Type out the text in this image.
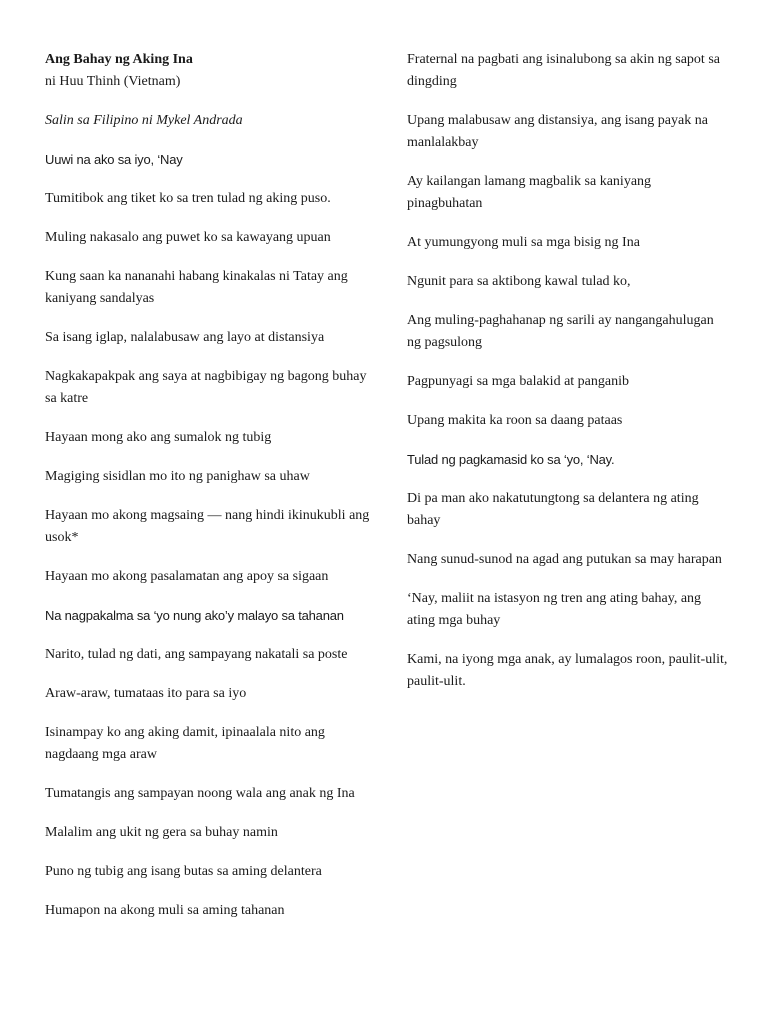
Ang Bahay ng Aking Ina

ni Huu Thinh (Vietnam)

Salin sa Filipino ni Mykel Andrada

Uuwi na ako sa iyo, ‘Nay

Tumitibok ang tiket ko sa tren tulad ng aking puso.

Muling nakasalo ang puwet ko sa kawayang upuan

Kung saan ka nananahi habang kinakalas ni Tatay ang kaniyang sandalyas

Sa isang iglap, nalalabusaw ang layo at distansiya

Nagkakapakpak ang saya at nagbibigay ng bagong buhay sa katre

Hayaan mong ako ang sumalok ng tubig

Magiging sisidlan mo ito ng panighaw sa uhaw

Hayaan mo akong magsaing — nang hindi ikinukubli ang usok*

Hayaan mo akong pasalamatan ang apoy sa sigaan

Na nagpakalma sa ‘yo nung ako’y malayo sa tahanan

Narito, tulad ng dati, ang sampayang nakatali sa poste

Araw-araw, tumataas ito para sa iyo

Isinampay ko ang aking damit, ipinaalala nito ang nagdaang mga araw

Tumatangis ang sampayan noong wala ang anak ng Ina

Malalim ang ukit ng gera sa buhay namin

Puno ng tubig ang isang butas sa aming delantera

Humapon na akong muli sa aming tahanan

Fraternal na pagbati ang isinalubong sa akin ng sapot sa dingding

Upang malabusaw ang distansiya, ang isang payak na manlalakbay

Ay kailangan lamang magbalik sa kaniyang pinagbuhatan

At yumungyong muli sa mga bisig ng Ina

Ngunit para sa aktibong kawal tulad ko,

Ang muling-paghahanap ng sarili ay nangangahulugan ng pagsulong

Pagpunyagi sa mga balakid at panganib

Upang makita ka roon sa daang pataas

Tulad ng pagkamasid ko sa ‘yo, ‘Nay.

Di pa man ako nakatutungtong sa delantera ng ating bahay

Nang sunud-sunod na agad ang putukan sa may harapan

‘Nay, maliit na istasyon ng tren ang ating bahay, ang ating mga buhay

Kami, na iyong mga anak, ay lumalagos roon, paulit-ulit, paulit-ulit.
